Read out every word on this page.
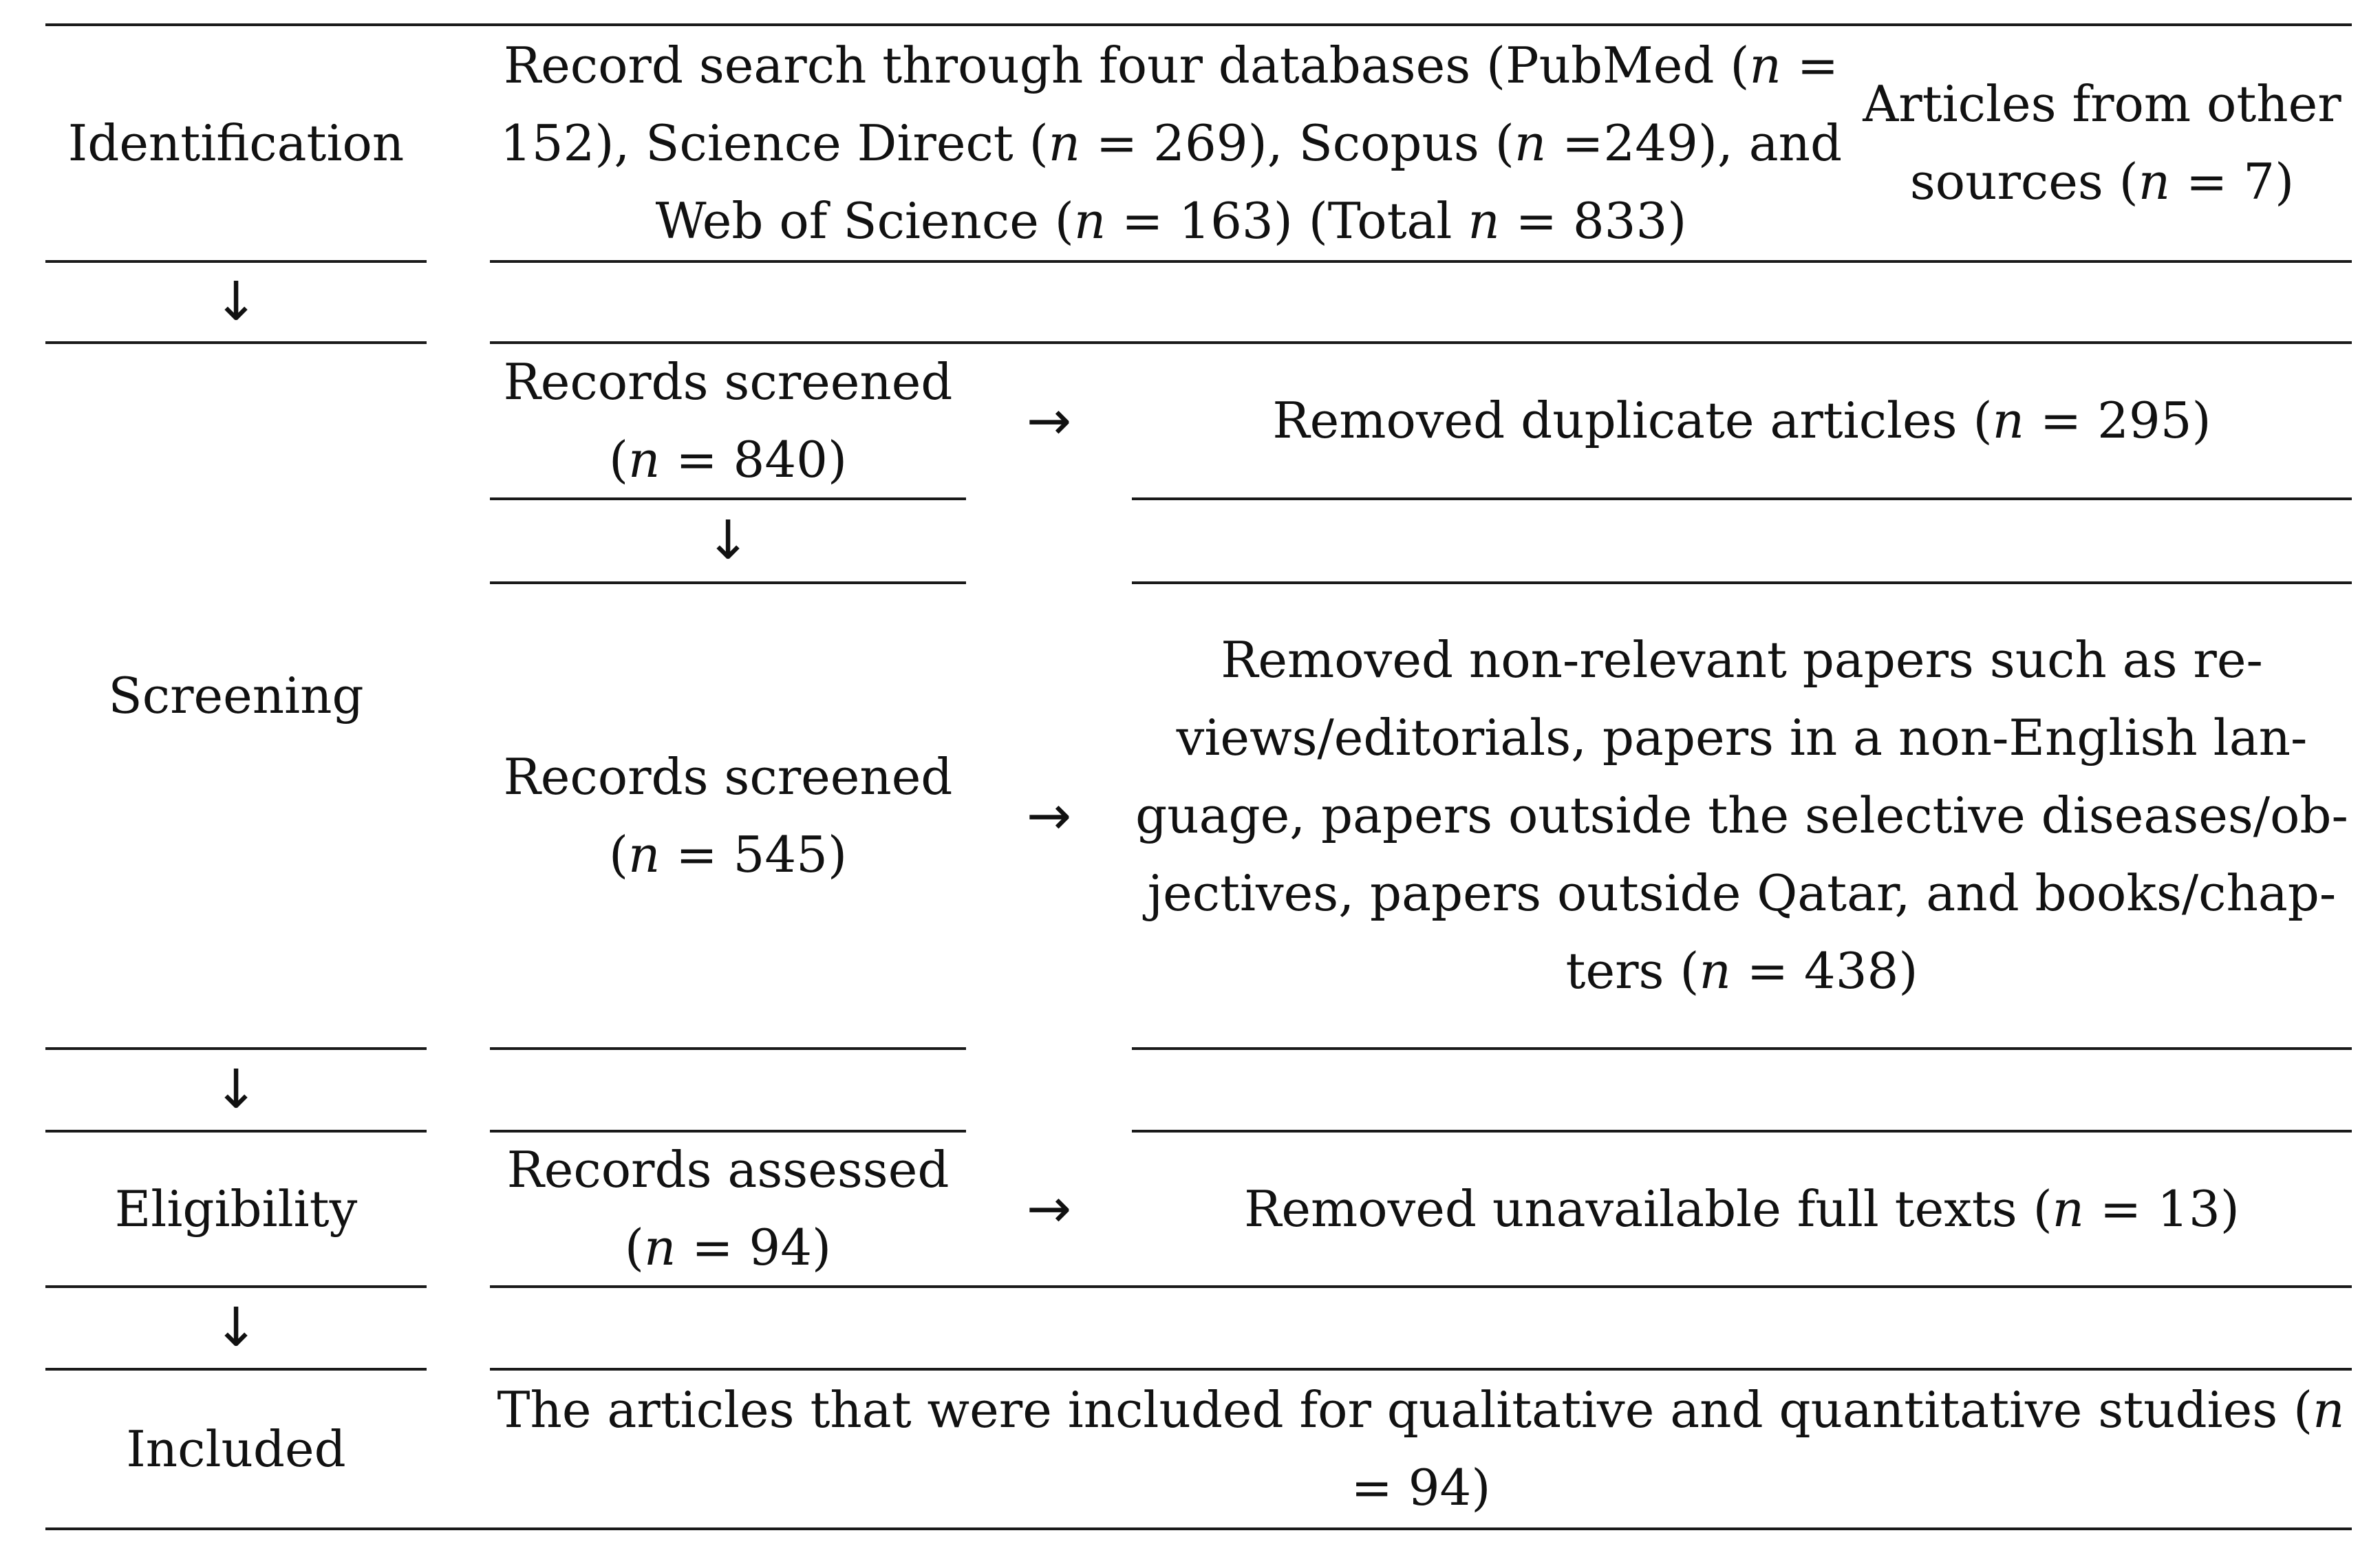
Identification
Screening
Eligibility
Included
↓
↓
↓
Record search through four databases (PubMed (n = 152), Science Direct (n = 269), Scopus (n =249), and Web of Science (n = 163) (Total n = 833)
Articles from other sources (n = 7)
Records screened (n = 840)
→	Removed duplicate articles (n = 295)
↓
Records screened (n = 545)
→
Removed non-relevant papers such as re- views/editorials, papers in a non-English lan- guage, papers outside the selective diseases/ob- jectives, papers outside Qatar, and books/chap- ters (n = 438)
Records assessed (n = 94)
→	Removed unavailable full texts (n = 13)
The articles that were included for qualitative and quantitative studies (n = 94)
